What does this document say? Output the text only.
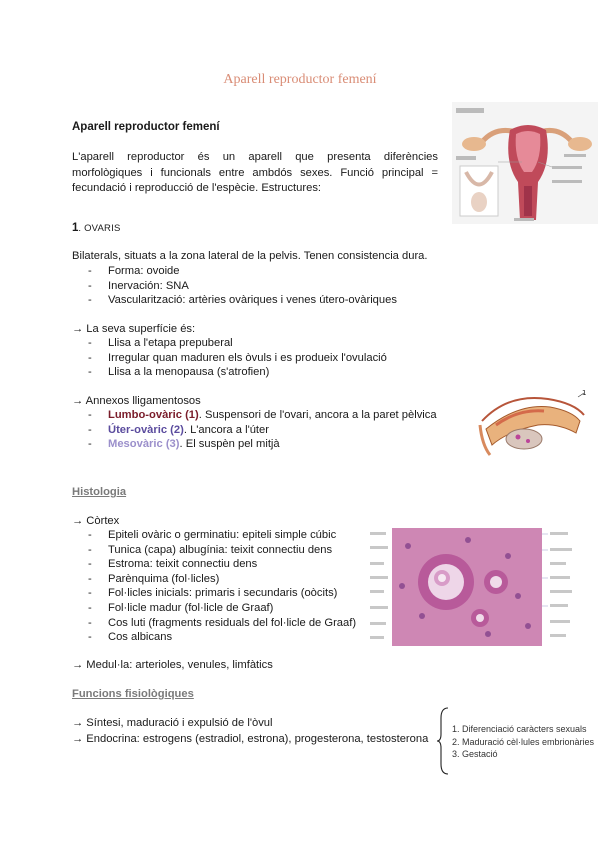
Aparell reproductor femení
Aparell reproductor femení
L'aparell reproductor és un aparell que presenta diferències morfològiques i funcionals entre ambdós sexes. Funció principal = fecundació i reproducció de l'espècie. Estructures:
1. OVARIS
Bilaterals, situats a la zona lateral de la pelvis. Tenen consistencia dura.
- Forma: ovoide
- Inervación: SNA
- Vascularització: artèries ovàriques i venes útero-ovàriques
→ La seva superfície és:
- Llisa a l'etapa prepuberal
- Irregular quan maduren els òvuls i es produeix l'ovulació
- Llisa a la menopausa (s'atrofien)
→ Annexos lligamentosos
- Lumbo-ovàric (1). Suspensori de l'ovari, ancora a la paret pèlvica
- Úter-ovàric (2). L'ancora a l'úter
- Mesovàric (3). El suspèn pel mitjà
1
Histologia
→ Còrtex
- Epiteli ovàric o germinatiu: epiteli simple cúbic
- Tunica (capa) albugínia: teixit connectiu dens
- Estroma: teixit connectiu dens
- Parènquima (fol·licles)
- Fol·licles inicials: primaris i secundaris (oòcits)
- Fol·licle madur (fol·licle de Graaf)
- Cos luti (fragments residuals del fol·licle de Graaf)
- Cos albicans
→ Medul·la: arterioles, venules, limfàtics
Funcions fisiològiques
→ Síntesi, maduració i expulsió de l'òvul
→ Endocrina: estrogens (estradiol, estrona), progesterona, testosterona
1. Diferenciació caràcters sexuals
2. Maduració cèl·lules embrionàries
3. Gestació
